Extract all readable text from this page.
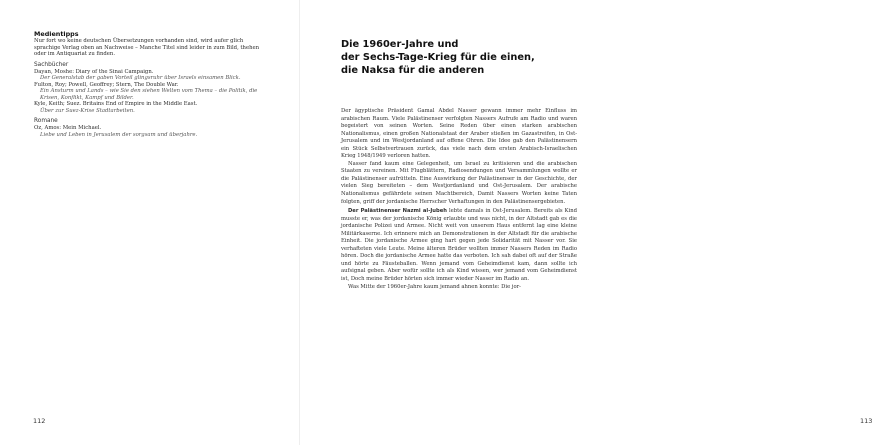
Medientipps

Nur fort wo keine deutschen Übersetzungen vorhanden sind, wird aufer glich sprachige Verlag oben an Nachweise – Manche Titel sind leider in zum Bild, thehen oder im Antiquariat zu finden.

Sachbücher

Dayan, Moshe: Diary of the Sinai Campaign.

Der Generalstab der gaben Vorteil glingsruhr über Israels einsamen Blick.

Fulton, Roy; Powell, Geoffrey; Stern, The Double War.

Ein Ansturm und Lands – wie Sie den siehen Welten vom Thema – die Politik, die Krisen, Konflikt, Kampf und Bilder.

Kyle, Keith; Suez. Britains End of Empire in the Middle East.

Über zur Suez-Krise Stadtarbeiten.

Romane

Oz, Amos: Mein Michael.

Liebe und Leben in Jerusalem der sorgsam und überjahre.

112	113
Die 1960er-Jahre und
der Sechs-Tage-Krieg für die einen,
die Naksa für die anderen

Der ägyptische Präsident Gamal Abdel Nasser gewann immer mehr Einfluss im arabischen Raum. Viele Palästinenser verfolgten Nassers Aufrufe am Radio und waren begeistert von seinen Worten. Seine Reden über einen starken arabischen Nationalismus, einen großen Nationalstaat der Araber stießen im Gazastreifen, in Ost-Jerusalem und im Westjordanland auf offene Ohren. Die Idee gab den Palästinensern ein Stück Selbstvertrauen zurück, das viele nach dem ersten Arabisch-Israelischen Krieg 1948/1949 verloren hatten.

Nasser fand kaum eine Gelegenheit, um Israel zu kritisieren und die arabischen Staaten zu vereinen. Mit Flugblättern, Radiosendungen und Versammlungen wollte er die Palästinenser aufrütteln. Eine Auswirkung der Palästinenser in der Geschichte, der vielen Sieg bereiteten – dem Westjordanland und Ost-Jerusalem. Der arabische Nationalismus gefährdete seinen Machtbereich, Damit Nassers Worten keine Taten folgten, griff der jordanische Herrscher Verhaftungen in den Palästinensergebieten.

Der Palästinenser Nazmi al-Jubeh lebte damals in Ost-Jerusalem. Bereits als Kind musste er, was der jordanische König erlaubte und was nicht, in der Altstadt gab es die jordanische Polizei und Armee. Nicht weit von unserem Haus entfernt lag eine kleine Militärkaserne. Ich erinnere mich an Demonstrationen in der Altstadt für die arabische Einheit. Die jordanische Armee ging hart gegen jede Solidarität mit Nasser vor. Sie verhafteten viele Leute. Meine älteren Brüder wollten immer Nassers Reden im Radio hören. Doch die jordanische Armee hatte das verboten. Ich sah dabei oft auf der Straße und hörte zu Fäusteballen. Wenn jemand vom Geheimdienst kam, dann sollte ich aufsignal geben. Aber wofür sollte ich als Kind wissen, wer jemand vom Geheimdienst ist, Doch meine Brüder hörten sich immer wieder Nasser im Radio an.

Was Mitte der 1960er-Jahre kaum jemand ahnen konnte: Die jor-
